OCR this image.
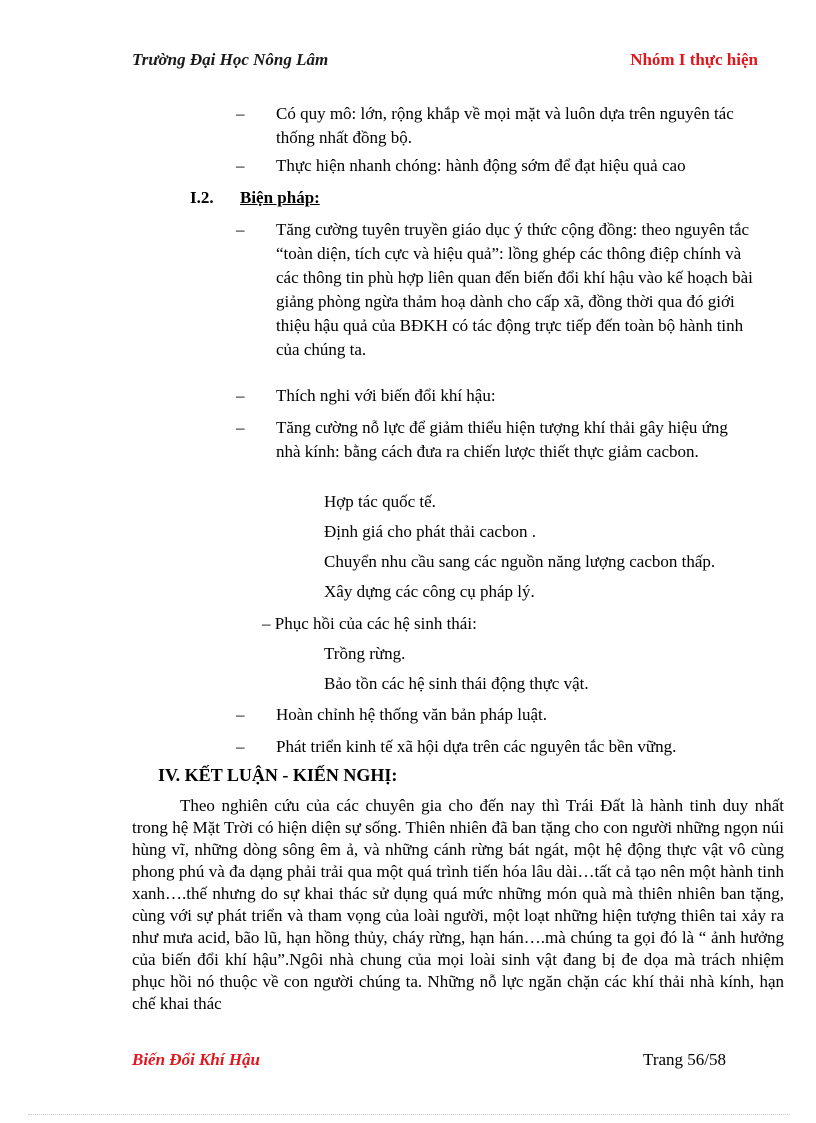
Trường Đại Học Nông Lâm	Nhóm I thực hiện
–	Có quy mô: lớn, rộng khắp về mọi mặt và luôn dựa trên nguyên tác thống nhất đồng bộ.
–	Thực hiện nhanh chóng: hành động sớm để đạt hiệu quả cao
I.2. Biện pháp:
–	Tăng cường tuyên truyền giáo dục ý thức cộng đồng: theo nguyên tắc “toàn diện, tích cực và hiệu quả”: lồng ghép các thông điệp chính và các thông tin phù hợp liên quan đến biến đổi khí hậu vào kế hoạch bài giảng phòng ngừa thảm hoạ dành cho cấp xã, đồng thời qua đó giới thiệu hậu quả của BĐKH có tác động trực tiếp đến toàn bộ hành tinh của chúng ta.
–	Thích nghi với biến đổi khí hậu:
–	Tăng cường nỗ lực để giảm thiểu hiện tượng khí thải gây hiệu ứng nhà kính: bằng cách đưa ra chiến lược thiết thực giảm cacbon.
Hợp tác quốc tế.
Định giá cho phát thải cacbon .
Chuyển nhu cầu sang các nguồn năng lượng cacbon thấp.
Xây dựng các công cụ pháp lý.
– Phục hồi của các hệ sinh thái:
Trồng rừng.
Bảo tồn các hệ sinh thái động thực vật.
–	Hoàn chỉnh hệ thống văn bản pháp luật.
–	Phát triển kinh tế xã hội dựa trên các nguyên tắc bền vững.
IV. KẾT LUẬN - KIẾN NGHỊ:
Theo nghiên cứu của các chuyên gia cho đến nay thì Trái Đất là hành tinh duy nhất trong hệ Mặt Trời có hiện diện sự sống. Thiên nhiên đã ban tặng cho con người những ngọn núi hùng vĩ, những dòng sông êm ả, và những cánh rừng bát ngát, một hệ động thực vật vô cùng phong phú và đa dạng phải trải qua một quá trình tiến hóa lâu dài…tất cả tạo nên một hành tinh xanh….thế nhưng do sự khai thác sử dụng quá mức những món quà mà thiên nhiên ban tặng, cùng với sự phát triển và tham vọng của loài người, một loạt những hiện tượng thiên tai xảy ra như mưa acid, bão lũ, hạn hồng thủy, cháy rừng, hạn hán….mà chúng ta gọi đó là “ ảnh hưởng của biến đổi khí hậu”.Ngôi nhà chung của mọi loài sinh vật đang bị đe dọa mà trách nhiệm phục hồi nó thuộc về con người chúng ta. Những nỗ lực ngăn chặn các khí thải nhà kính, hạn chế khai thác
Biến Đổi Khí Hậu	Trang 56/58
